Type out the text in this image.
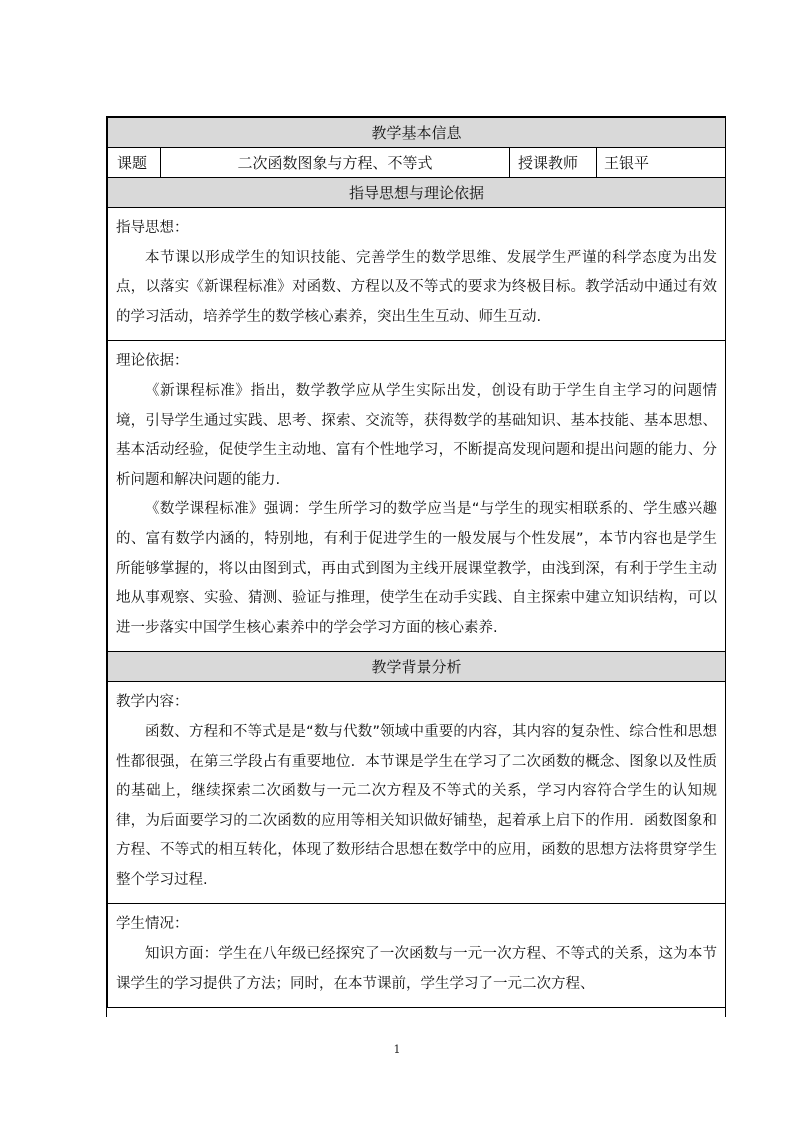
教学基本信息
课题	二次函数图象与方程、不等式	授课教师	王银平
指导思想与理论依据

指导思想：

本节课以形成学生的知识技能、完善学生的数学思维、发展学生严谨的科学态度为出发点，以落实《新课程标准》对函数、方程以及不等式的要求为终极目标。教学活动中通过有效的学习活动，培养学生的数学核心素养，突出生生互动、师生互动.

理论依据：

《新课程标准》指出，数学教学应从学生实际出发，创设有助于学生自主学习的问题情境，引导学生通过实践、思考、探索、交流等，获得数学的基础知识、基本技能、基本思想、基本活动经验，促使学生主动地、富有个性地学习，不断提高发现问题和提出问题的能力、分析问题和解决问题的能力.

《数学课程标准》强调：学生所学习的数学应当是“与学生的现实相联系的、学生感兴趣的、富有数学内涵的，特别地，有利于促进学生的一般发展与个性发展”，本节内容也是学生所能够掌握的，将以由图到式，再由式到图为主线开展课堂教学，由浅到深，有利于学生主动地从事观察、实验、猜测、验证与推理，使学生在动手实践、自主探索中建立知识结构，可以进一步落实中国学生核心素养中的学会学习方面的核心素养.

教学背景分析

教学内容：

函数、方程和不等式是是“数与代数”领域中重要的内容，其内容的复杂性、综合性和思想性都很强，在第三学段占有重要地位．本节课是学生在学习了二次函数的概念、图象以及性质的基础上，继续探索二次函数与一元二次方程及不等式的关系，学习内容符合学生的认知规律，为后面要学习的二次函数的应用等相关知识做好铺垫，起着承上启下的作用．函数图象和方程、不等式的相互转化，体现了数形结合思想在数学中的应用，函数的思想方法将贯穿学生整个学习过程.

学生情况：

知识方面：学生在八年级已经探究了一次函数与一元一次方程、不等式的关系，这为本节课学生的学习提供了方法；同时，在本节课前，学生学习了一元二次方程、

1
